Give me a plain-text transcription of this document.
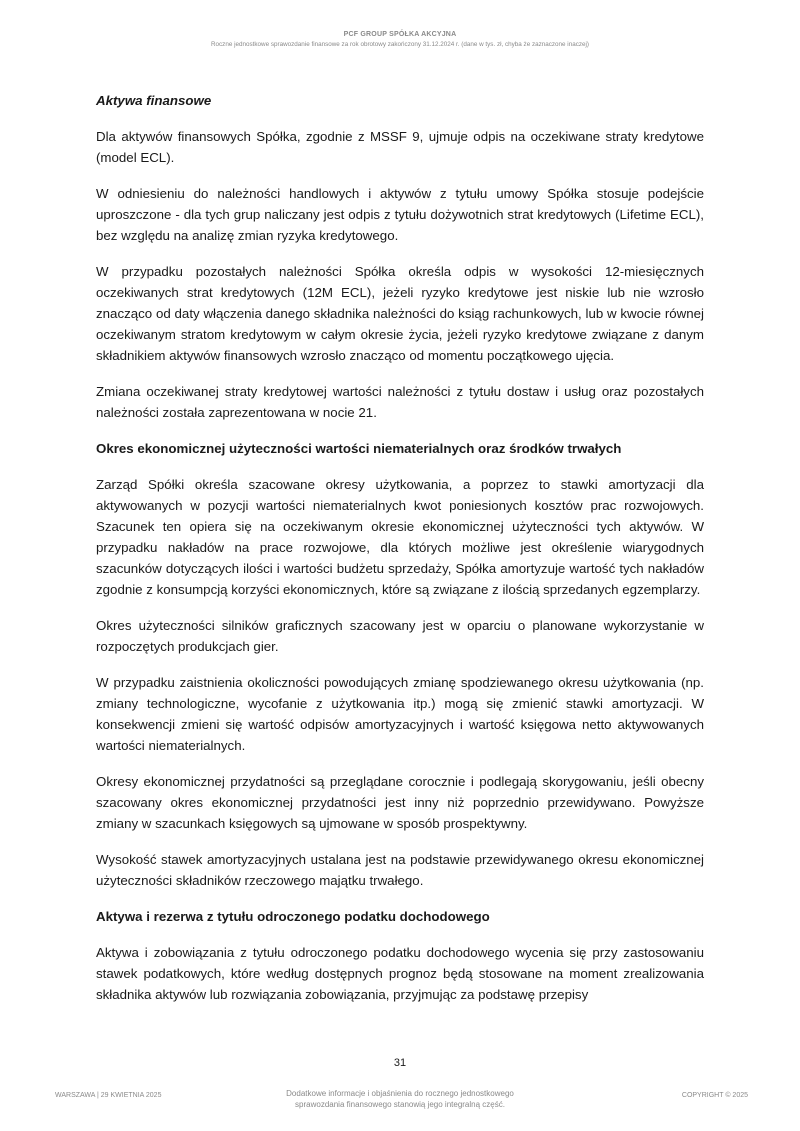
PCF GROUP SPÓŁKA AKCYJNA
Roczne jednostkowe sprawozdanie finansowe za rok obrotowy zakończony 31.12.2024 r. (dane w tys. zł, chyba że zaznaczone inaczej)

Aktywa finansowe

Dla aktywów finansowych Spółka, zgodnie z MSSF 9, ujmuje odpis na oczekiwane straty kredytowe (model ECL).

W odniesieniu do należności handlowych i aktywów z tytułu umowy Spółka stosuje podejście uproszczone - dla tych grup naliczany jest odpis z tytułu dożywotnich strat kredytowych (Lifetime ECL), bez względu na analizę zmian ryzyka kredytowego.

W przypadku pozostałych należności Spółka określa odpis w wysokości 12-miesięcznych oczekiwanych strat kredytowych (12M ECL), jeżeli ryzyko kredytowe jest niskie lub nie wzrosło znacząco od daty włączenia danego składnika należności do ksiąg rachunkowych, lub w kwocie równej oczekiwanym stratom kredytowym w całym okresie życia, jeżeli ryzyko kredytowe związane z danym składnikiem aktywów finansowych wzrosło znacząco od momentu początkowego ujęcia.

Zmiana oczekiwanej straty kredytowej wartości należności z tytułu dostaw i usług oraz pozostałych należności została zaprezentowana w nocie 21.

Okres ekonomicznej użyteczności wartości niematerialnych oraz środków trwałych

Zarząd Spółki określa szacowane okresy użytkowania, a poprzez to stawki amortyzacji dla aktywowanych w pozycji wartości niematerialnych kwot poniesionych kosztów prac rozwojowych. Szacunek ten opiera się na oczekiwanym okresie ekonomicznej użyteczności tych aktywów. W przypadku nakładów na prace rozwojowe, dla których możliwe jest określenie wiarygodnych szacunków dotyczących ilości i wartości budżetu sprzedaży, Spółka amortyzuje wartość tych nakładów zgodnie z konsumpcją korzyści ekonomicznych, które są związane z ilością sprzedanych egzemplarzy.

Okres użyteczności silników graficznych szacowany jest w oparciu o planowane wykorzystanie w rozpoczętych produkcjach gier.

W przypadku zaistnienia okoliczności powodujących zmianę spodziewanego okresu użytkowania (np. zmiany technologiczne, wycofanie z użytkowania itp.) mogą się zmienić stawki amortyzacji. W konsekwencji zmieni się wartość odpisów amortyzacyjnych i wartość księgowa netto aktywowanych wartości niematerialnych.

Okresy ekonomicznej przydatności są przeglądane corocznie i podlegają skorygowaniu, jeśli obecny szacowany okres ekonomicznej przydatności jest inny niż poprzednio przewidywano. Powyższe zmiany w szacunkach księgowych są ujmowane w sposób prospektywny.

Wysokość stawek amortyzacyjnych ustalana jest na podstawie przewidywanego okresu ekonomicznej użyteczności składników rzeczowego majątku trwałego.

Aktywa i rezerwa z tytułu odroczonego podatku dochodowego

Aktywa i zobowiązania z tytułu odroczonego podatku dochodowego wycenia się przy zastosowaniu stawek podatkowych, które według dostępnych prognoz będą stosowane na moment zrealizowania składnika aktywów lub rozwiązania zobowiązania, przyjmując za podstawę przepisy

31
WARSZAWA | 29 KWIETNIA 2025	Dodatkowe informacje i objaśnienia do rocznego jednostkowego
sprawozdania finansowego stanowią jego integralną część.
COPYRIGHT © 2025
